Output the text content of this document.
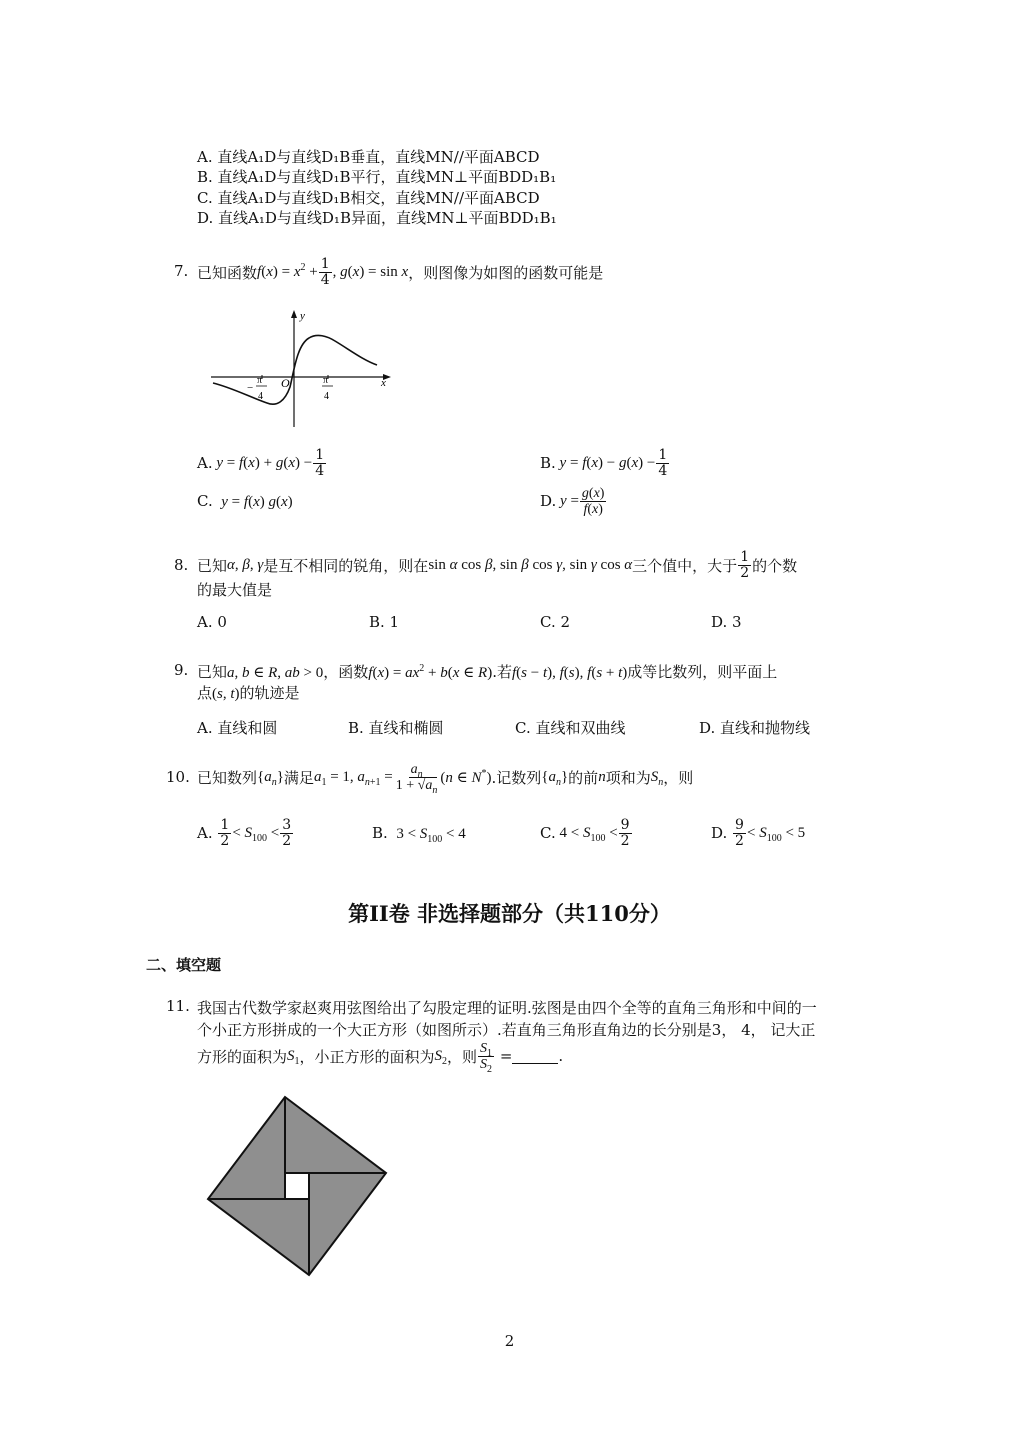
A. 直线A₁D与直线D₁B垂直，直线MN//平面ABCD
B. 直线A₁D与直线D₁B平行，直线MN⊥平面BDD₁B₁
C. 直线A₁D与直线D₁B相交，直线MN//平面ABCD
D. 直线A₁D与直线D₁B异面，直线MN⊥平面BDD₁B₁
7. 已知函数 $f(x) = x^2 + \frac{1}{4}$ , g(x) = sin x ，则图像为如图的函数可能是
y
x
O
−
π
4
π
4
A. $y = f(x) + g(x) - \frac{1}{4}$	B. $y = f(x) - g(x) - \frac{1}{4}$
C.  y = f(x) g(x)	D. $y = \frac{g(x)}{f(x)}$
8. 已知 α, β, γ 是互不相同的锐角，则在 sin α cos β, sin β cos γ, sin γ cos α 三个值中，大于 $\frac{1}{2}$ 的个数
的最大值是
A. 0	B. 1	C. 2	D. 3
9. 已知a, b ∈ R, ab > 0，函数$f(x) = ax^2 + b(x$ ∈ R).若f(s − t), f(s), f(s + t)成等比数列，则平面上
点(s, t)的轨迹是
A. 直线和圆	B. 直线和椭圆	C. 直线和双曲线	D. 直线和抛物线
10. 已知数列 $\{a_n\}$ 满足 $a_1 = 1$, $a_{n+1} = \frac{a_n}{1 + √a_n} (n$ ∈ N*) .记数列 $\{a_n\}$ 的前 n 项和为 $S_n$ ，则
A.
$\frac{1}{2} < S_{100} < \frac{3}{2}$	B.  $3 < S_{100} < 4$	C. $4 < S_{100} < \frac{9}{2}$	D.
$\frac{9}{2} < S_{100} < 5$
第II卷 非选择题部分（共110分）
二、填空题
11. 我国古代数学家赵爽用弦图给出了勾股定理的证明.弦图是由四个全等的直角三角形和中间的一
个小正方形拼成的一个大正方形（如图所示）.若直角三角形直角边的长分别是3， 4， 记大正
方形的面积为 $S_1$ ，小正方形的面积为 $S_2$ ，则 $\frac{S_1}{S_2}$ =	.
2
